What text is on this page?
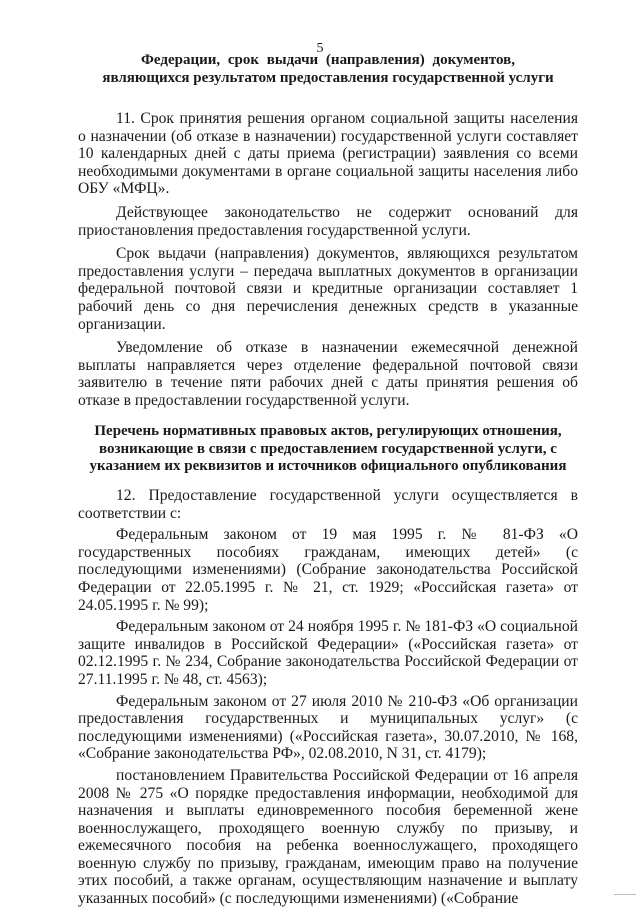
5
Федерации, срок выдачи (направления) документов,
являющихся результатом предоставления государственной услуги

11. Срок принятия решения органом социальной защиты населения о назначении (об отказе в назначении) государственной услуги составляет 10 календарных дней с даты приема (регистрации) заявления со всеми необходимыми документами в органе социальной защиты населения либо ОБУ «МФЦ».

Действующее законодательство не содержит оснований для приостановления предоставления государственной услуги.

Срок выдачи (направления) документов, являющихся результатом предоставления услуги – передача выплатных документов в организации федеральной почтовой связи и кредитные организации составляет 1 рабочий день со дня перечисления денежных средств в указанные организации.

Уведомление об отказе в назначении ежемесячной денежной выплаты направляется через отделение федеральной почтовой связи заявителю в течение пяти рабочих дней с даты принятия решения об отказе в предоставлении государственной услуги.

Перечень нормативных правовых актов, регулирующих отношения,
возникающие в связи с предоставлением государственной услуги, с
указанием их реквизитов и источников официального опубликования

12. Предоставление государственной услуги осуществляется в соответствии с:

Федеральным законом от 19 мая 1995 г. № 81-ФЗ «О государственных пособиях гражданам, имеющих детей» (с последующими изменениями) (Собрание законодательства Российской Федерации от 22.05.1995 г. № 21, ст. 1929; «Российская газета» от 24.05.1995 г. № 99);

Федеральным законом от 24 ноября 1995 г. № 181-ФЗ «О социальной защите инвалидов в Российской Федерации» («Российская газета» от 02.12.1995 г. № 234, Собрание законодательства Российской Федерации от 27.11.1995 г. № 48, ст. 4563);

Федеральным законом от 27 июля 2010 № 210-ФЗ «Об организации предоставления государственных и муниципальных услуг» (с последующими изменениями) («Российская газета», 30.07.2010, № 168, «Собрание законодательства РФ», 02.08.2010, N 31, ст. 4179);

постановлением Правительства Российской Федерации от 16 апреля 2008 № 275 «О порядке предоставления информации, необходимой для назначения и выплаты единовременного пособия беременной жене военнослужащего, проходящего военную службу по призыву, и ежемесячного пособия на ребенка военнослужащего, проходящего военную службу по призыву, гражданам, имеющим право на получение этих пособий, а также органам, осуществляющим назначение и выплату указанных пособий» (с последующими изменениями) («Собрание
